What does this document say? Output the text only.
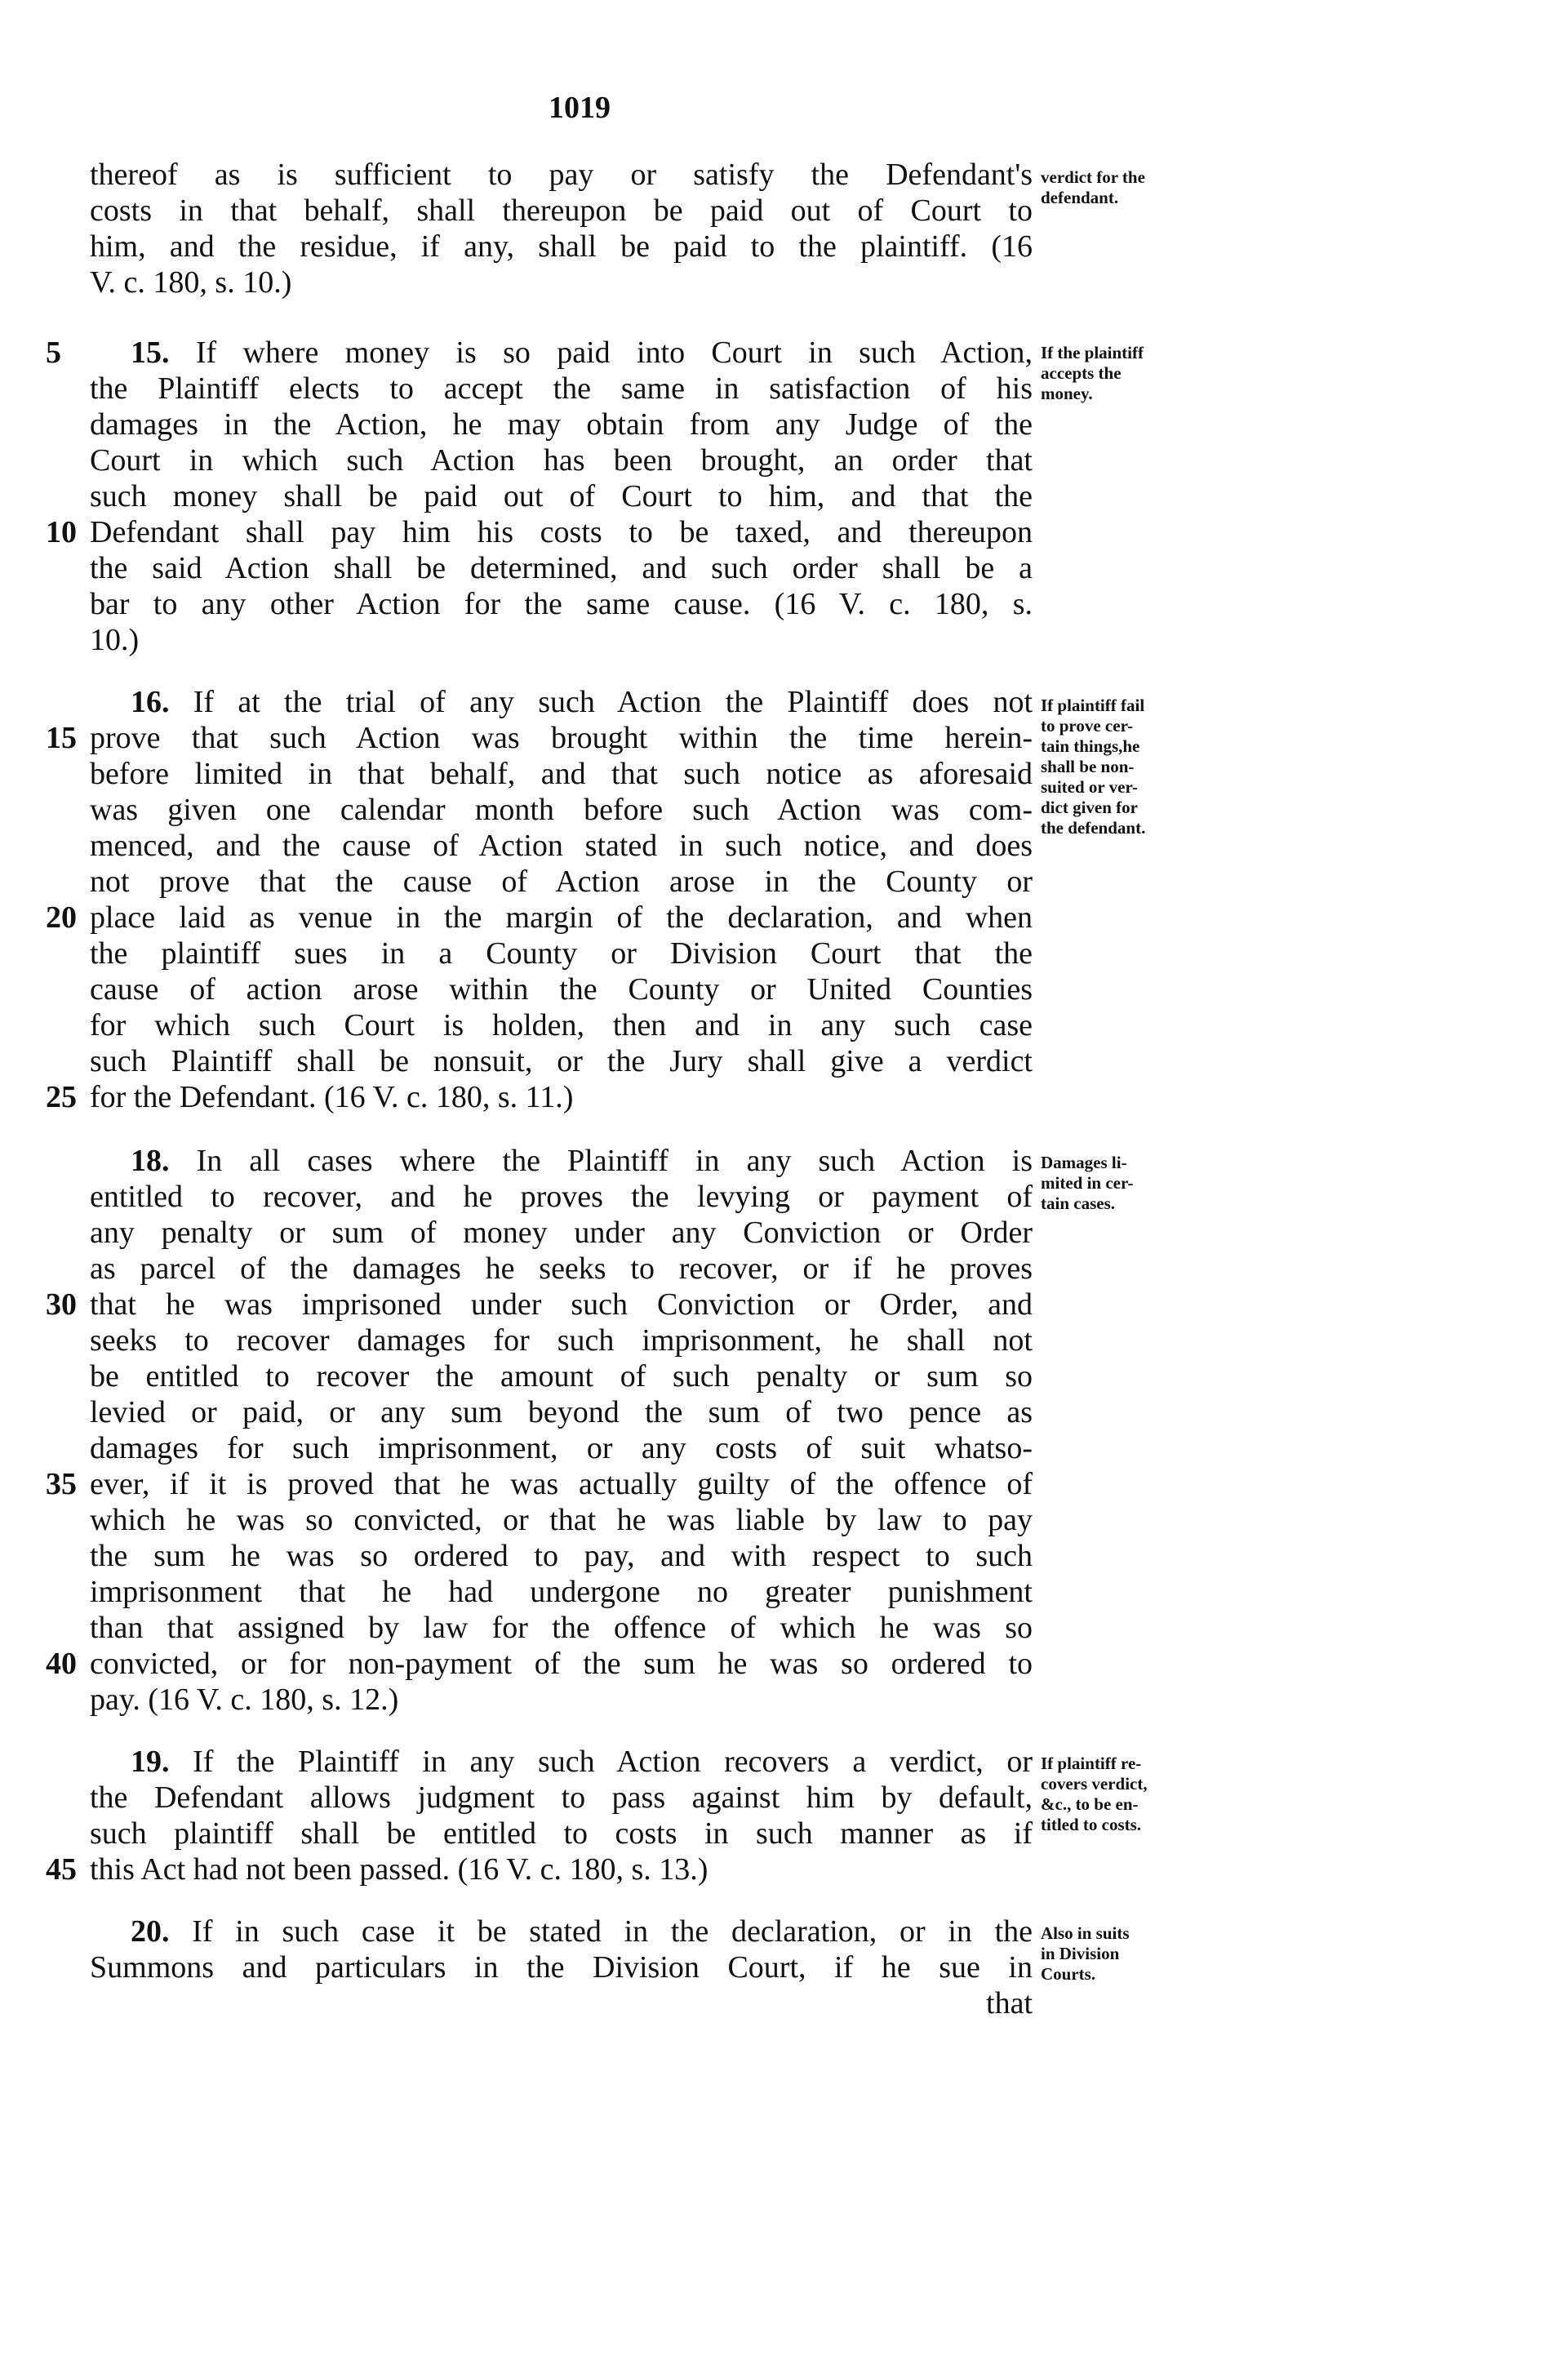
1019
thereof as is sufficient to pay or satisfy the Defendant's
costs in that behalf, shall thereupon be paid out of Court to
him, and the residue, if any, shall be paid to the plaintiff. (16
V. c. 180, s. 10.)
verdict for the
defendant.
5	15. If where money is so paid into Court in such Action,
the Plaintiff elects to accept the same in satisfaction of his
damages in the Action, he may obtain from any Judge of the
Court in which such Action has been brought, an order that
such money shall be paid out of Court to him, and that the
10 Defendant shall pay him his costs to be taxed, and thereupon
the said Action shall be determined, and such order shall be a
bar to any other Action for the same cause. (16 V. c. 180, s.
10.)
If the plaintiff
accepts the
money.
16. If at the trial of any such Action the Plaintiff does not
15 prove that such Action was brought within the time herein-
before limited in that behalf, and that such notice as aforesaid
was given one calendar month before such Action was com-
menced, and the cause of Action stated in such notice, and does
not prove that the cause of Action arose in the County or
20 place laid as venue in the margin of the declaration, and when
the plaintiff sues in a County or Division Court that the
cause of action arose within the County or United Counties
for which such Court is holden, then and in any such case
such Plaintiff shall be nonsuit, or the Jury shall give a verdict
25 for the Defendant. (16 V. c. 180, s. 11.)
If plaintiff fail
to prove cer-
tain things,he
shall be non-
suited or ver-
dict given for
the defendant.
18. In all cases where the Plaintiff in any such Action is
entitled to recover, and he proves the levying or payment of
any penalty or sum of money under any Conviction or Order
as parcel of the damages he seeks to recover, or if he proves
30 that he was imprisoned under such Conviction or Order, and
seeks to recover damages for such imprisonment, he shall not
be entitled to recover the amount of such penalty or sum so
levied or paid, or any sum beyond the sum of two pence as
damages for such imprisonment, or any costs of suit whatso-
35 ever, if it is proved that he was actually guilty of the offence of
which he was so convicted, or that he was liable by law to pay
the sum he was so ordered to pay, and with respect to such
imprisonment that he had undergone no greater punishment
than that assigned by law for the offence of which he was so
40 convicted, or for non-payment of the sum he was so ordered to
pay. (16 V. c. 180, s. 12.)
Damages li-
mited in cer-
tain cases.
19. If the Plaintiff in any such Action recovers a verdict, or
the Defendant allows judgment to pass against him by default,
such plaintiff shall be entitled to costs in such manner as if
45 this Act had not been passed. (16 V. c. 180, s. 13.)
If plaintiff re-
covers verdict,
&c., to be en-
titled to costs.
20. If in such case it be stated in the declaration, or in the
Summons and particulars in the Division Court, if he sue in
Also in suits
in Division
Courts.
that
